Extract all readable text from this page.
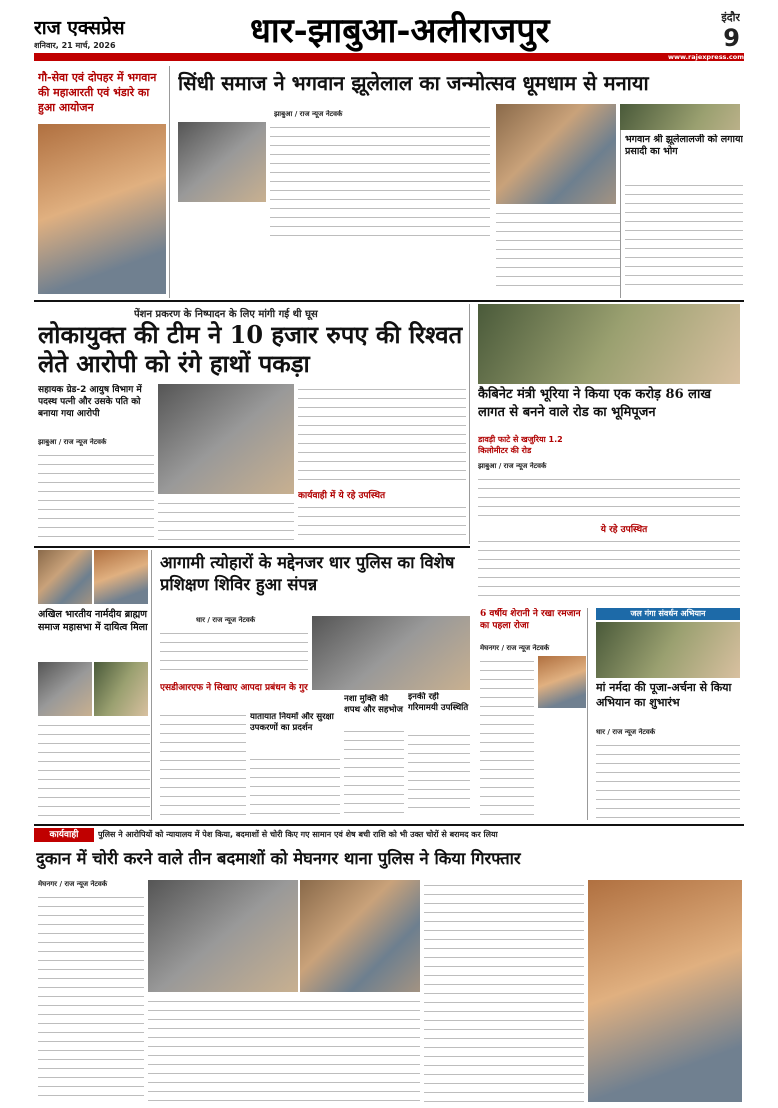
राज एक्सप्रेस
शनिवार, 21 मार्च, 2026	धार-झाबुआ-अलीराजपुर	इंदौर
9
www.rajexpress.com
गौ-सेवा एवं दोपहर में भगवान की महाआरती एवं भंडारे का हुआ आयोजन
सिंधी समाज ने भगवान झूलेलाल का जन्मोत्सव धूमधाम से मनाया
झाबुआ / राज न्यूज नेटवर्क
भगवान श्री झूलेलालजी को लगाया प्रसादी का भोग
पेंशन प्रकरण के निष्पादन के लिए मांगी गई थी घूस
लोकायुक्त की टीम ने 10 हजार रुपए की रिश्वत लेते आरोपी को रंगे हाथों पकड़ा
सहायक ग्रेड-2 आयुष विभाग में पदस्थ पत्नी और उसके पति को बनाया गया आरोपी
झाबुआ / राज न्यूज नेटवर्क
कार्यवाही में ये रहे उपस्थित
कैबिनेट मंत्री भूरिया ने किया एक करोड़ 86 लाख लागत से बनने वाले रोड का भूमिपूजन
डावड़ी फाटे से खजुरिया 1.2 किलोमीटर की रोड
झाबुआ / राज न्यूज नेटवर्क
ये रहे उपस्थित
अखिल भारतीय नार्मदीय ब्राह्मण समाज महासभा में दायित्व मिला
आगामी त्योहारों के मद्देनजर धार पुलिस का विशेष प्रशिक्षण शिविर हुआ संपन्न
धार / राज न्यूज नेटवर्क
एसडीआरएफ ने सिखाए आपदा प्रबंधन के गुर
यातायात नियमों और सुरक्षा उपकरणों का प्रदर्शन
नशा मुक्ति की शपथ और सहभोज
इनकी रही गरिमामयी उपस्थिति
6 वर्षीय शेरानी ने रखा रमजान का पहला रोजा
मेघनगर / राज न्यूज नेटवर्क
जल गंगा संवर्धन अभियान
मां नर्मदा की पूजा-अर्चना से किया अभियान का शुभारंभ
धार / राज न्यूज नेटवर्क
कार्यवाही	पुलिस ने आरोपियों को न्यायालय में पेश किया, बदमाशों से चोरी किए गए सामान एवं शेष बची राशि को भी उक्त चोरों से बरामद कर लिया
दुकान में चोरी करने वाले तीन बदमाशों को मेघनगर थाना पुलिस ने किया गिरफ्तार
मेघनगर / राज न्यूज नेटवर्क
